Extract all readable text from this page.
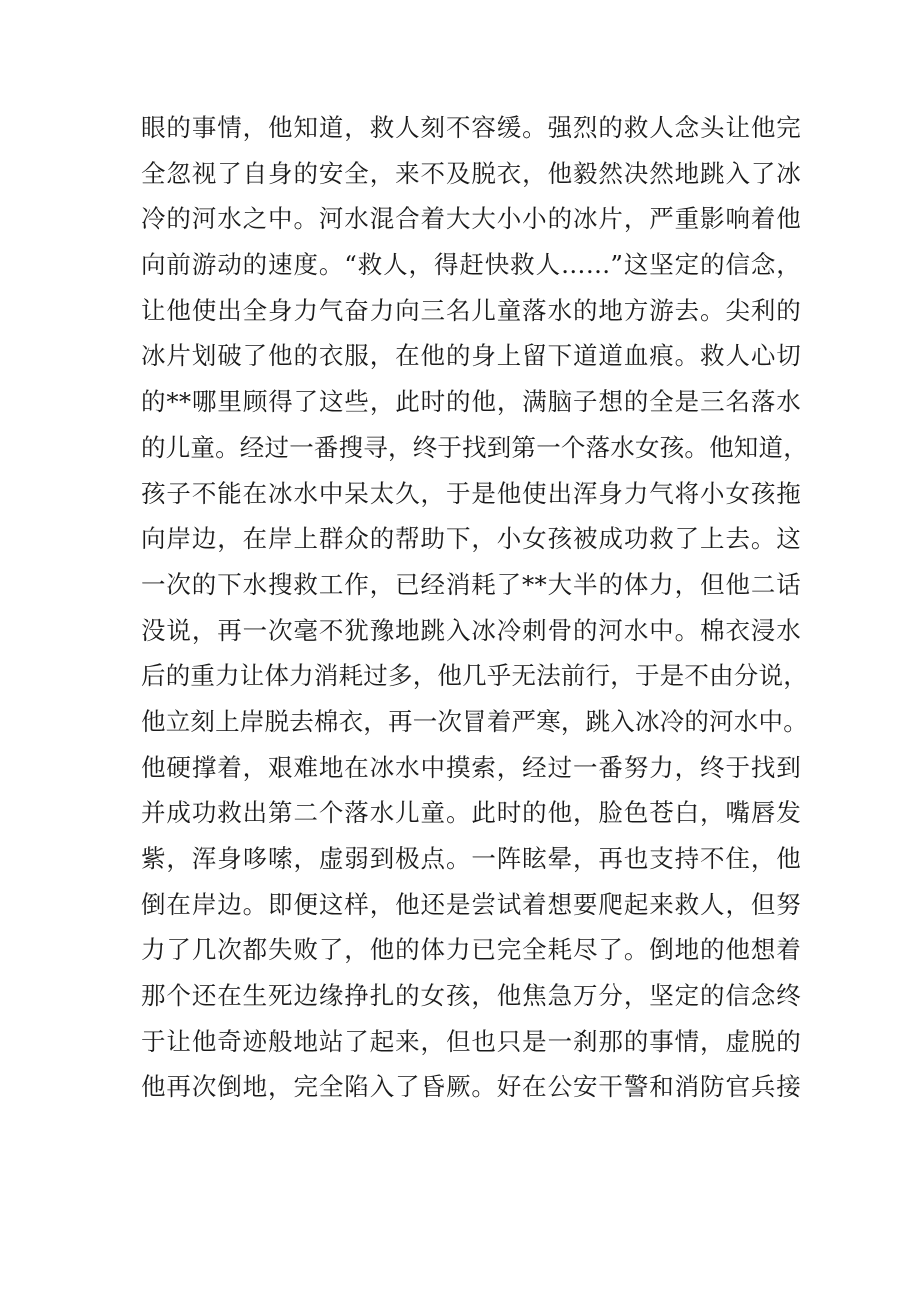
眼的事情，他知道，救人刻不容缓。强烈的救人念头让他完
全忽视了自身的安全，来不及脱衣，他毅然决然地跳入了冰
冷的河水之中。河水混合着大大小小的冰片，严重影响着他
向前游动的速度。“救人，得赶快救人……”这坚定的信念，
让他使出全身力气奋力向三名儿童落水的地方游去。尖利的
冰片划破了他的衣服，在他的身上留下道道血痕。救人心切
的**哪里顾得了这些，此时的他，满脑子想的全是三名落水
的儿童。经过一番搜寻，终于找到第一个落水女孩。他知道，
孩子不能在冰水中呆太久，于是他使出浑身力气将小女孩拖
向岸边，在岸上群众的帮助下，小女孩被成功救了上去。这
一次的下水搜救工作，已经消耗了**大半的体力，但他二话
没说，再一次毫不犹豫地跳入冰冷刺骨的河水中。棉衣浸水
后的重力让体力消耗过多，他几乎无法前行，于是不由分说，
他立刻上岸脱去棉衣，再一次冒着严寒，跳入冰冷的河水中。
他硬撑着，艰难地在冰水中摸索，经过一番努力，终于找到
并成功救出第二个落水儿童。此时的他，脸色苍白，嘴唇发
紫，浑身哆嗦，虚弱到极点。一阵眩晕，再也支持不住，他
倒在岸边。即便这样，他还是尝试着想要爬起来救人，但努
力了几次都失败了，他的体力已完全耗尽了。倒地的他想着
那个还在生死边缘挣扎的女孩，他焦急万分，坚定的信念终
于让他奇迹般地站了起来，但也只是一刹那的事情，虚脱的
他再次倒地，完全陷入了昏厥。好在公安干警和消防官兵接
